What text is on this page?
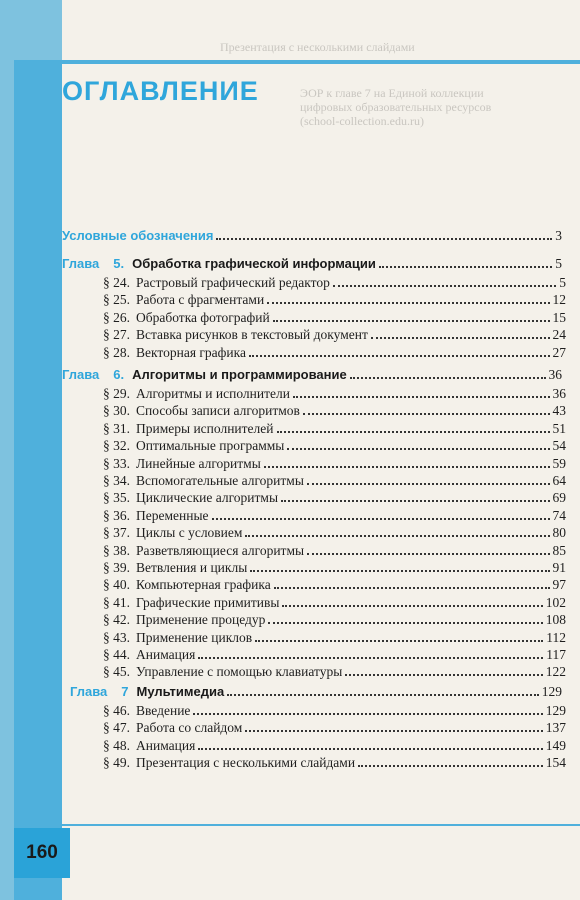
Презентация с несколькими слайдами
ЭОР к главе 7 на Единой коллекции
цифровых образовательных ресурсов
(school-collection.edu.ru)
ОГЛАВЛЕНИЕ
Условные обозначения	3
Глава 5. Обработка графической информации	5
§ 24. Растровый графический редактор	5
§ 25. Работа с фрагментами	12
§ 26. Обработка фотографий	15
§ 27. Вставка рисунков в текстовый документ	24
§ 28. Векторная графика	27
Глава 6. Алгоритмы и программирование	36
§ 29. Алгоритмы и исполнители	36
§ 30. Способы записи алгоритмов	43
§ 31. Примеры исполнителей	51
§ 32. Оптимальные программы	54
§ 33. Линейные алгоритмы	59
§ 34. Вспомогательные алгоритмы	64
§ 35. Циклические алгоритмы	69
§ 36. Переменные	74
§ 37. Циклы с условием	80
§ 38. Разветвляющиеся алгоритмы	85
§ 39. Ветвления и циклы	91
§ 40. Компьютерная графика	97
§ 41. Графические примитивы	102
§ 42. Применение процедур	108
§ 43. Применение циклов	112
§ 44. Анимация	117
§ 45. Управление с помощью клавиатуры	122
Глава 7 Мультимедиа	129
§ 46. Введение	129
§ 47. Работа со слайдом	137
§ 48. Анимация	149
§ 49. Презентация с несколькими слайдами	154
160
